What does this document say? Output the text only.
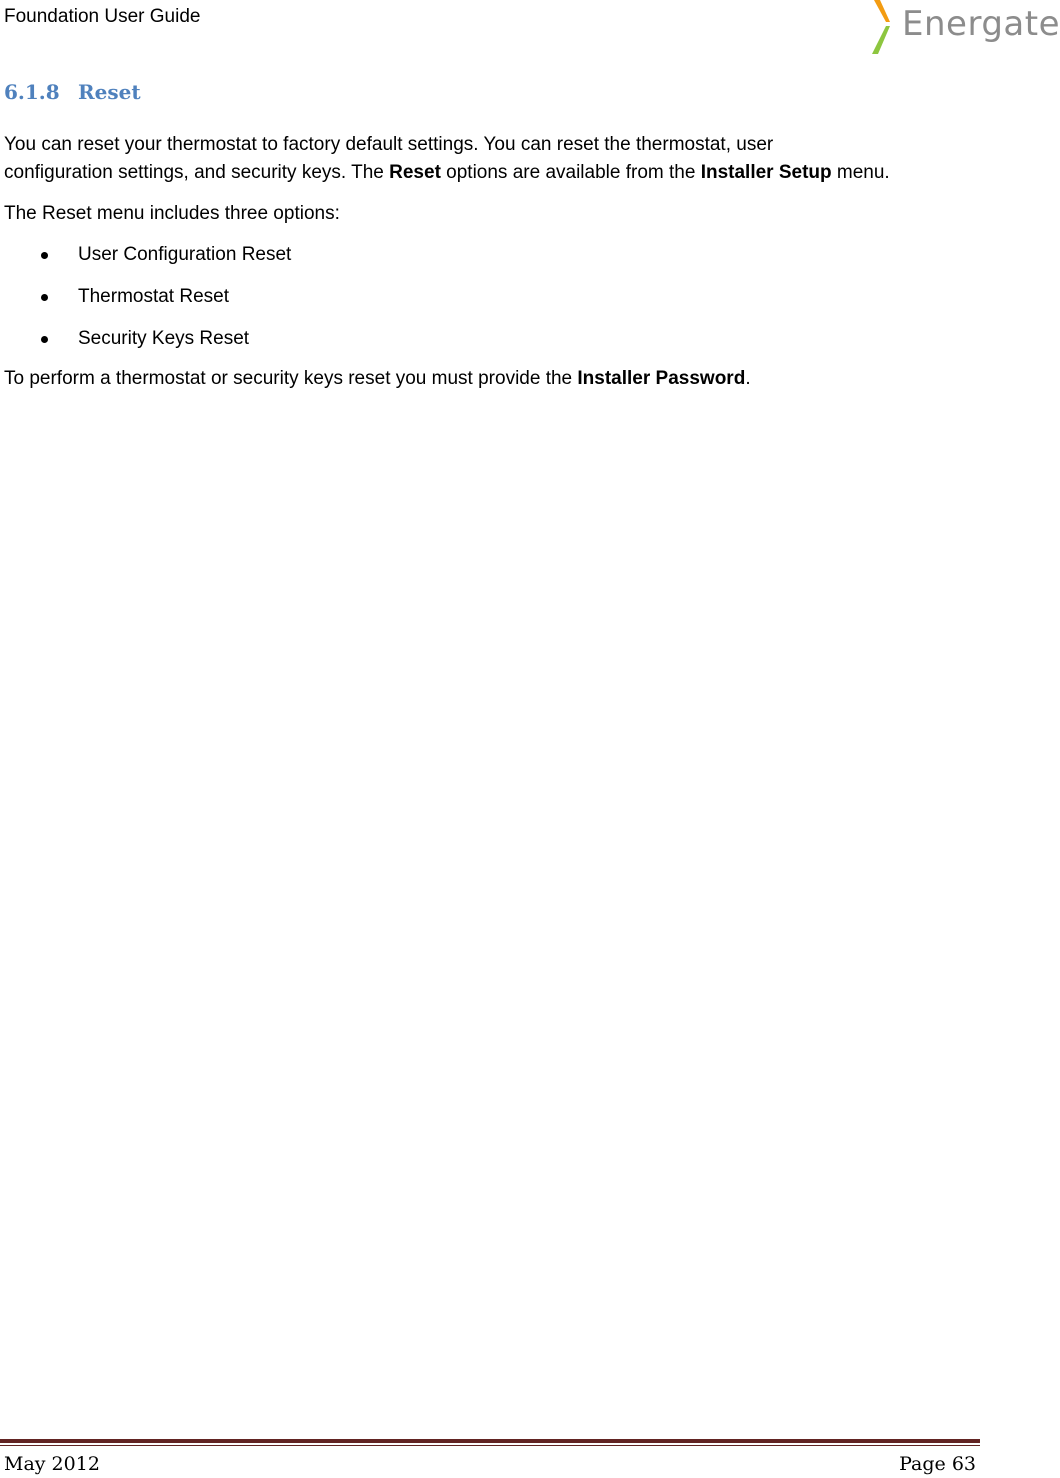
Foundation User Guide	Energate
6.1.8 Reset
You can reset your thermostat to factory default settings. You can reset the thermostat, user
configuration settings, and security keys. The Reset options are available from the Installer Setup menu.
The Reset menu includes three options:
User Configuration Reset
Thermostat Reset
Security Keys Reset
To perform a thermostat or security keys reset you must provide the Installer Password.
May 2012	Page 63
